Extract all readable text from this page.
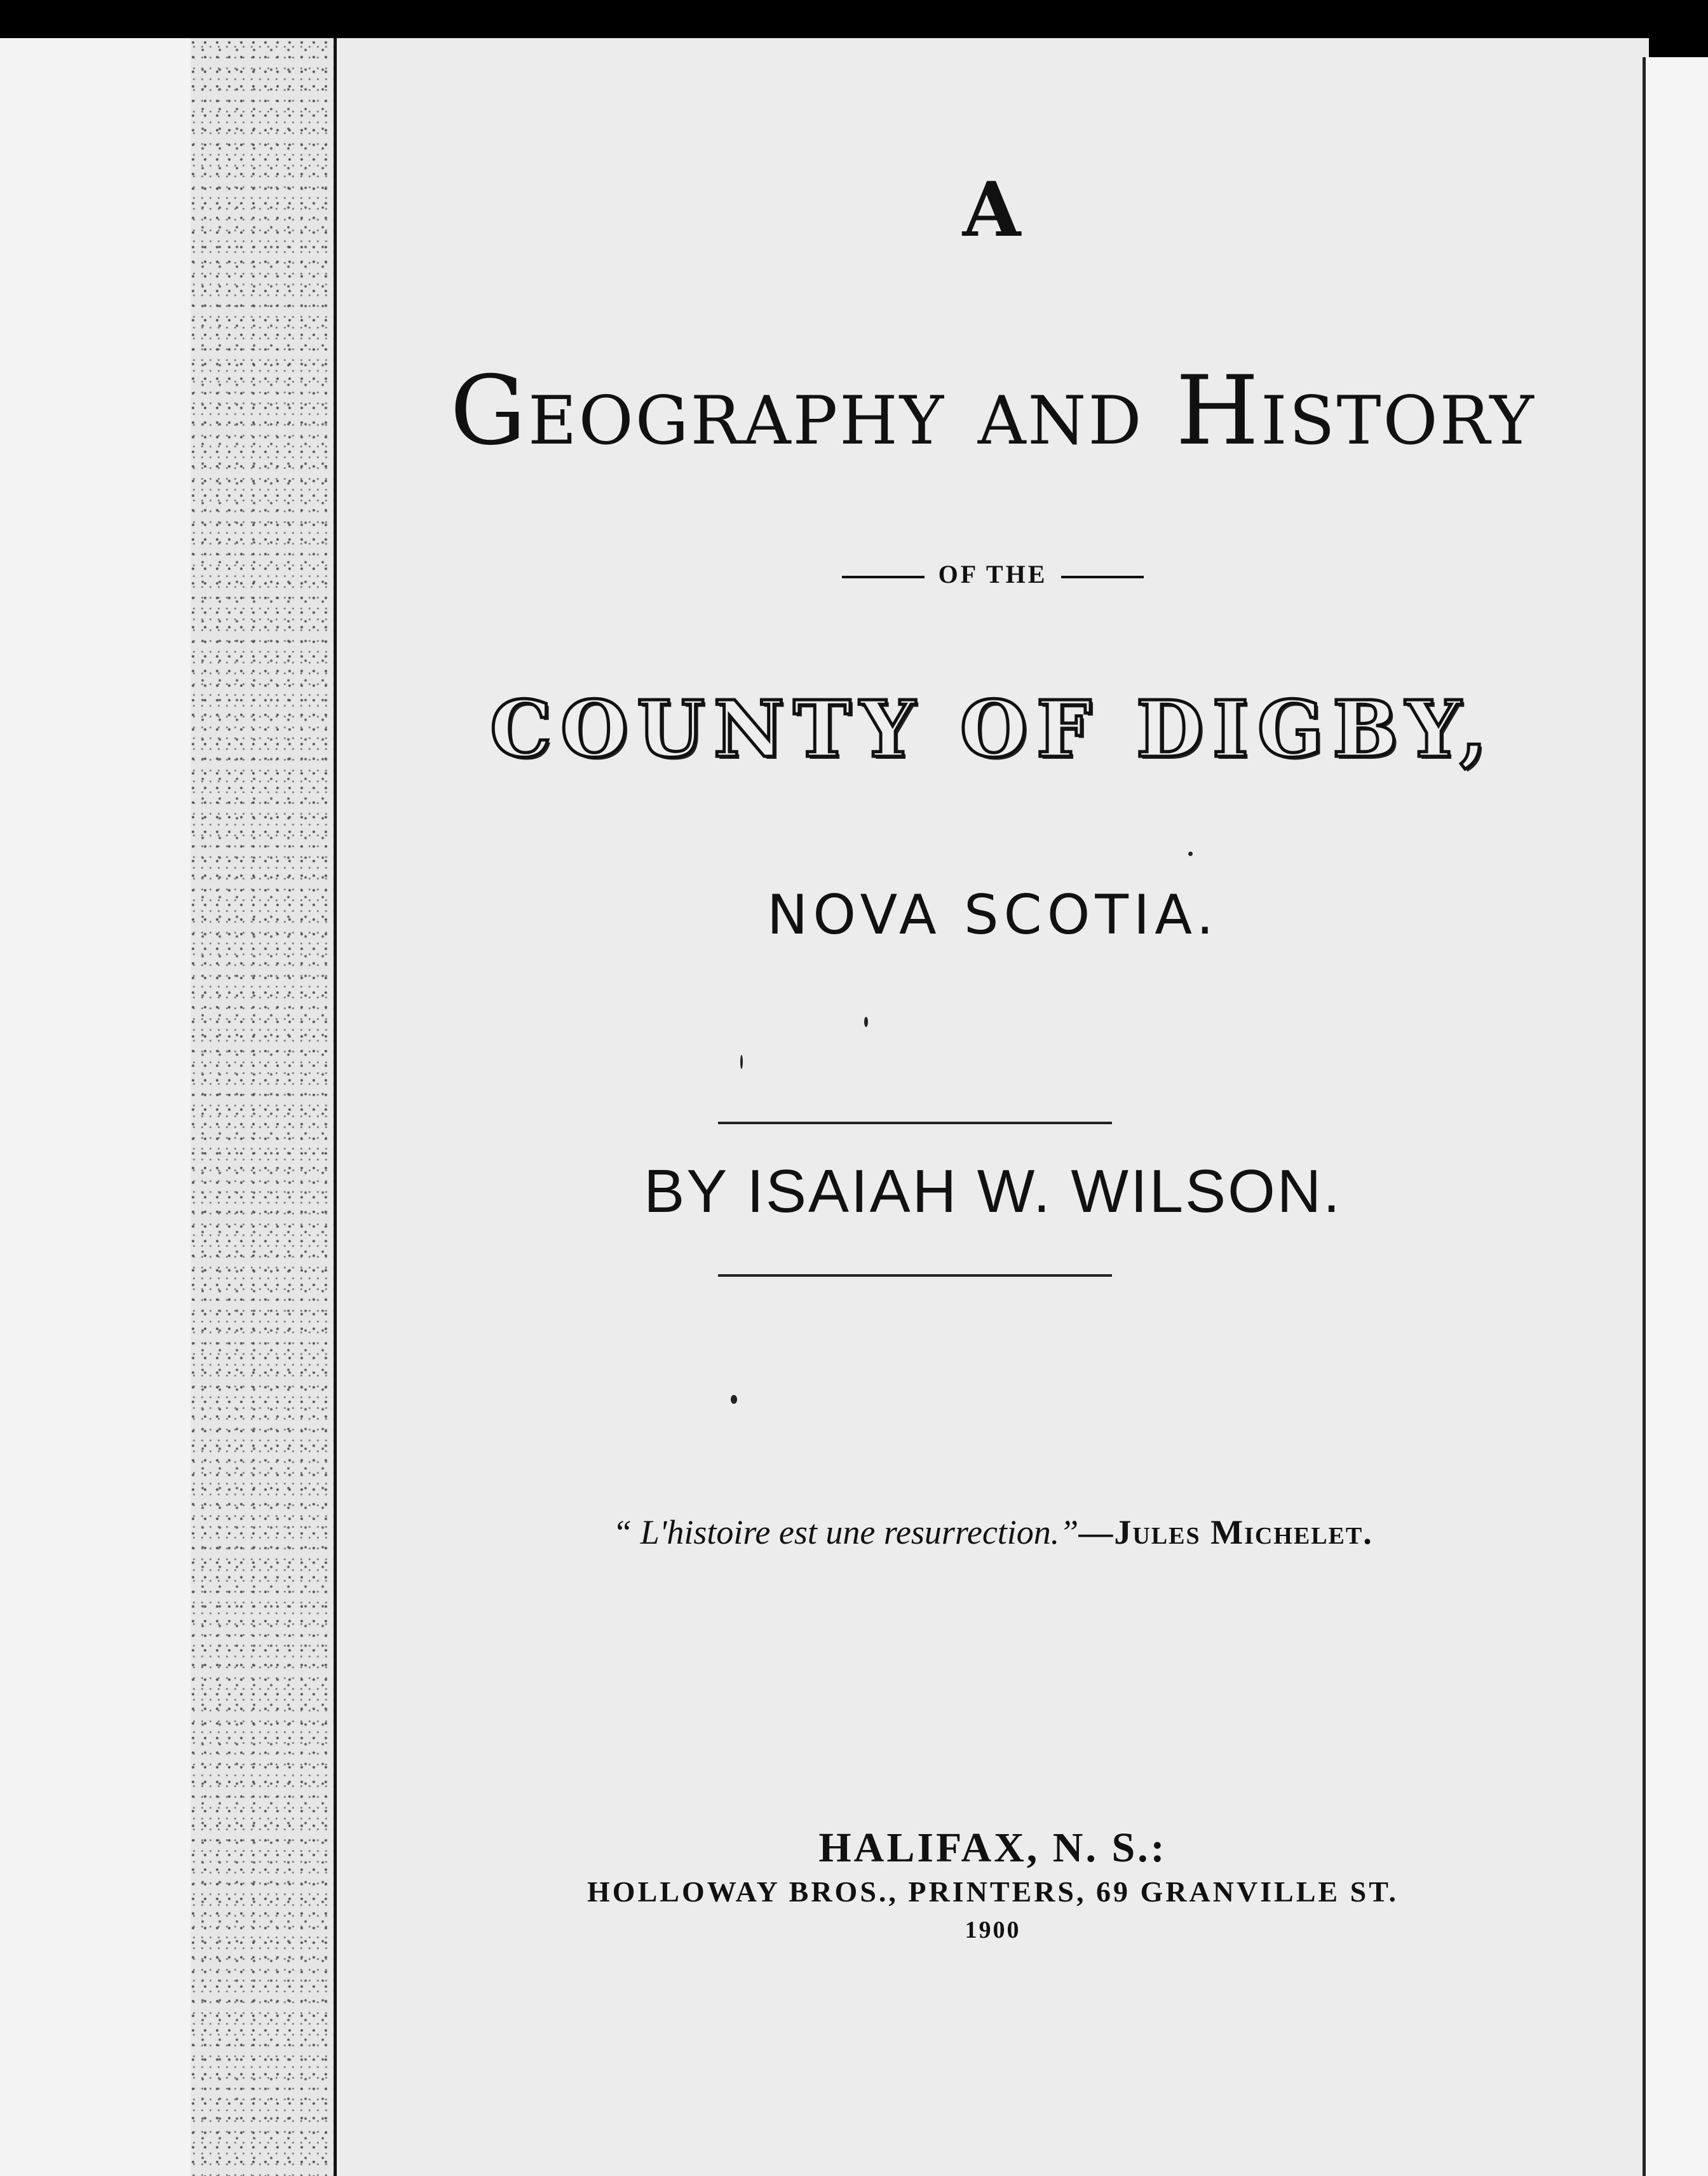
A
Geography and History
OF THE
COUNTY OF DIGBY,
NOVA SCOTIA.
BY ISAIAH W. WILSON.
“ L'histoire est une resurrection.”—Jules Michelet.
HALIFAX, N. S.:
HOLLOWAY BROS., PRINTERS, 69 GRANVILLE ST.
1900
